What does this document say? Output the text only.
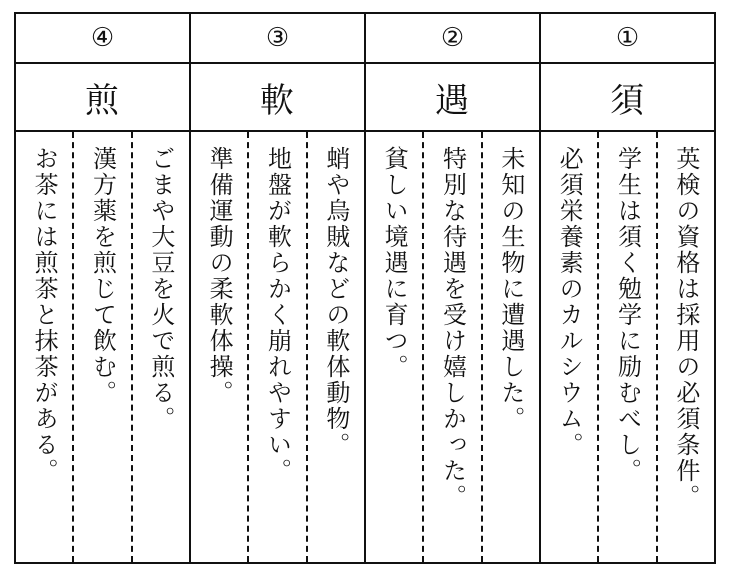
①
須
英検の資格は採用の必須条件。
学生は須く勉学に励むべし。
必須栄養素のカルシウム。
②
遇
未知の生物に遭遇した。
特別な待遇を受け嬉しかった。
貧しい境遇に育つ。
③
軟
蛸や烏賊などの軟体動物。
地盤が軟らかく崩れやすい。
準備運動の柔軟体操。
④
煎
ごまや大豆を火で煎る。
漢方薬を煎じて飲む。
お茶には煎茶と抹茶がある。
